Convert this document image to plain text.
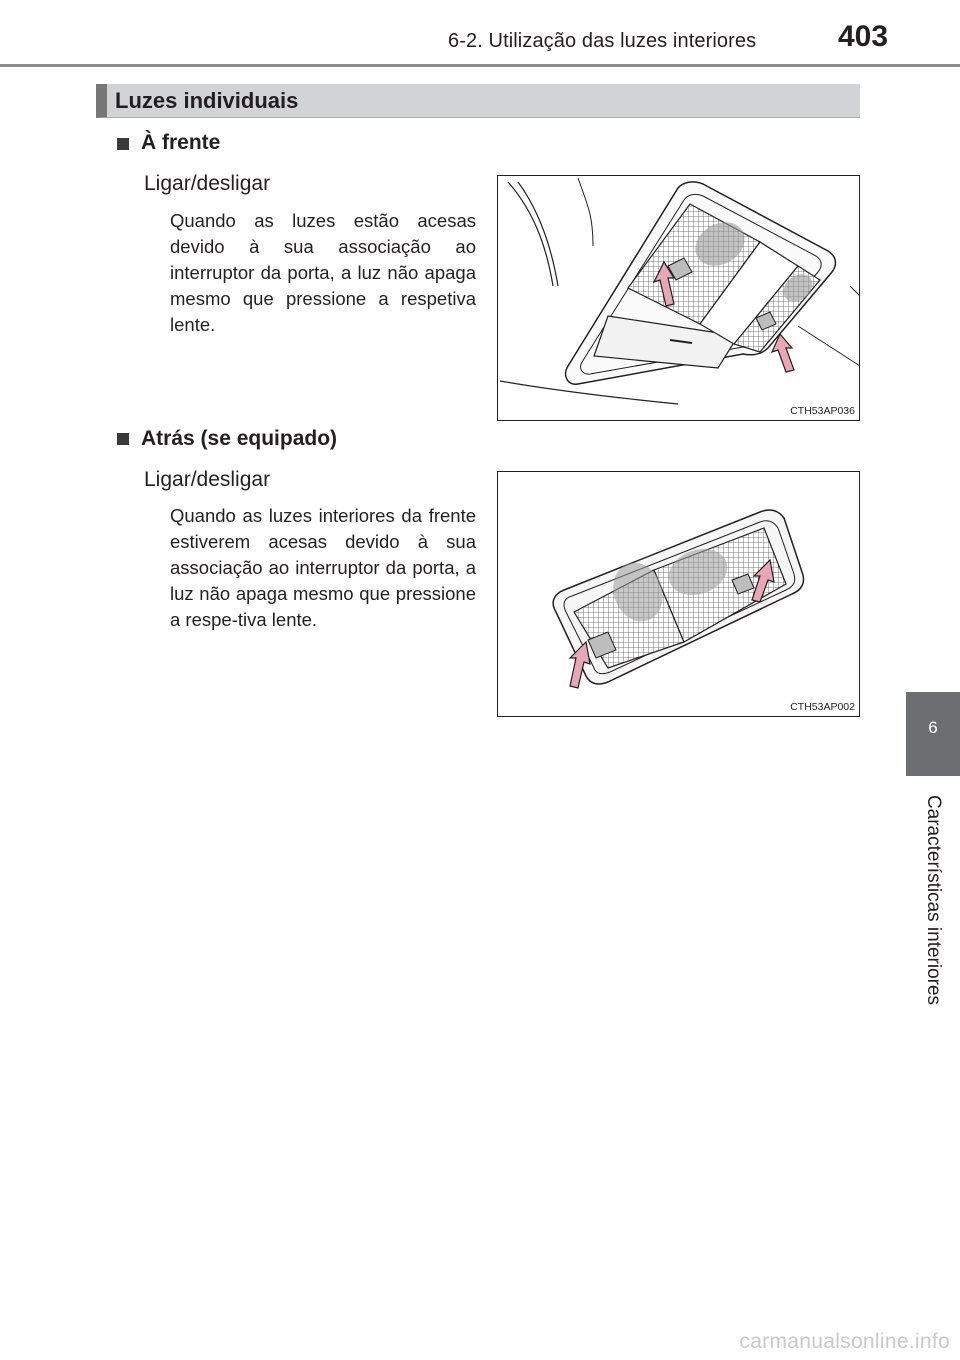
6-2. Utilização das luzes interiores	403
Luzes individuais
À frente
Ligar/desligar
Quando as luzes estão acesas devido à sua associação ao interruptor da porta, a luz não apaga mesmo que pressione a respetiva lente.
CTH53AP036
Atrás (se equipado)
Ligar/desligar
Quando as luzes interiores da frente estiverem acesas devido à sua associação ao interruptor da porta, a luz não apaga mesmo que pressione a respe-tiva lente.
CTH53AP002
6
Características interiores
carmanualsonline.info
